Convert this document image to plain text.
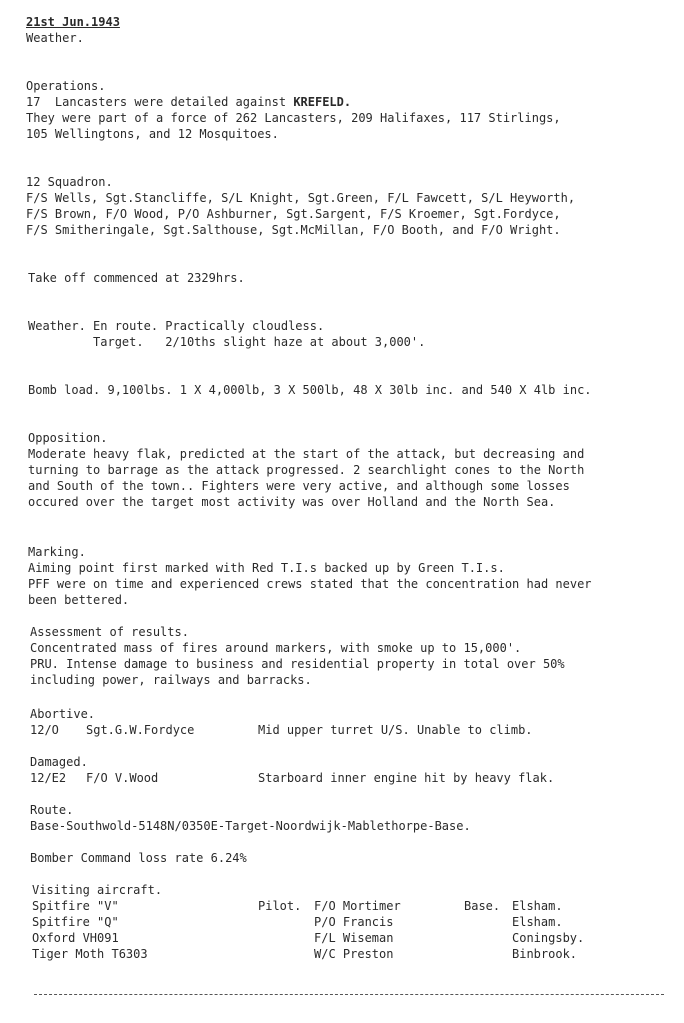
21st Jun.1943
Weather.
Operations.
17  Lancasters were detailed against KREFELD.
They were part of a force of 262 Lancasters, 209 Halifaxes, 117 Stirlings,
105 Wellingtons, and 12 Mosquitoes.
12 Squadron.
F/S Wells, Sgt.Stancliffe, S/L Knight, Sgt.Green, F/L Fawcett, S/L Heyworth,
F/S Brown, F/O Wood, P/O Ashburner, Sgt.Sargent, F/S Kroemer, Sgt.Fordyce,
F/S Smitheringale, Sgt.Salthouse, Sgt.McMillan, F/O Booth, and F/O Wright.
Take off commenced at 2329hrs.
Weather. En route. Practically cloudless.
Target.   2/10ths slight haze at about 3,000'.
Bomb load. 9,100lbs. 1 X 4,000lb, 3 X 500lb, 48 X 30lb inc. and 540 X 4lb inc.
Opposition.
Moderate heavy flak, predicted at the start of the attack, but decreasing and
turning to barrage as the attack progressed. 2 searchlight cones to the North
and South of the town.. Fighters were very active, and although some losses
occured over the target most activity was over Holland and the North Sea.
Marking.
Aiming point first marked with Red T.I.s backed up by Green T.I.s.
PFF were on time and experienced crews stated that the concentration had never
been bettered.
Assessment of results.
Concentrated mass of fires around markers, with smoke up to 15,000'.
PRU. Intense damage to business and residential property in total over 50%
including power, railways and barracks.
Abortive.
12/O Sgt.G.W.Fordyce	Mid upper turret U/S. Unable to climb.
Damaged.
12/E2 F/O V.Wood	Starboard inner engine hit by heavy flak.
Route.
Base-Southwold-5148N/0350E-Target-Noordwijk-Mablethorpe-Base.
Bomber Command loss rate 6.24%
Visiting aircraft.
Pilot.	Base.
Spitfire "V"	F/O Mortimer	Elsham.
Spitfire "Q"	P/O Francis	Elsham.
Oxford VH091	F/L Wiseman	Coningsby.
Tiger Moth T6303	W/C Preston	Binbrook.
